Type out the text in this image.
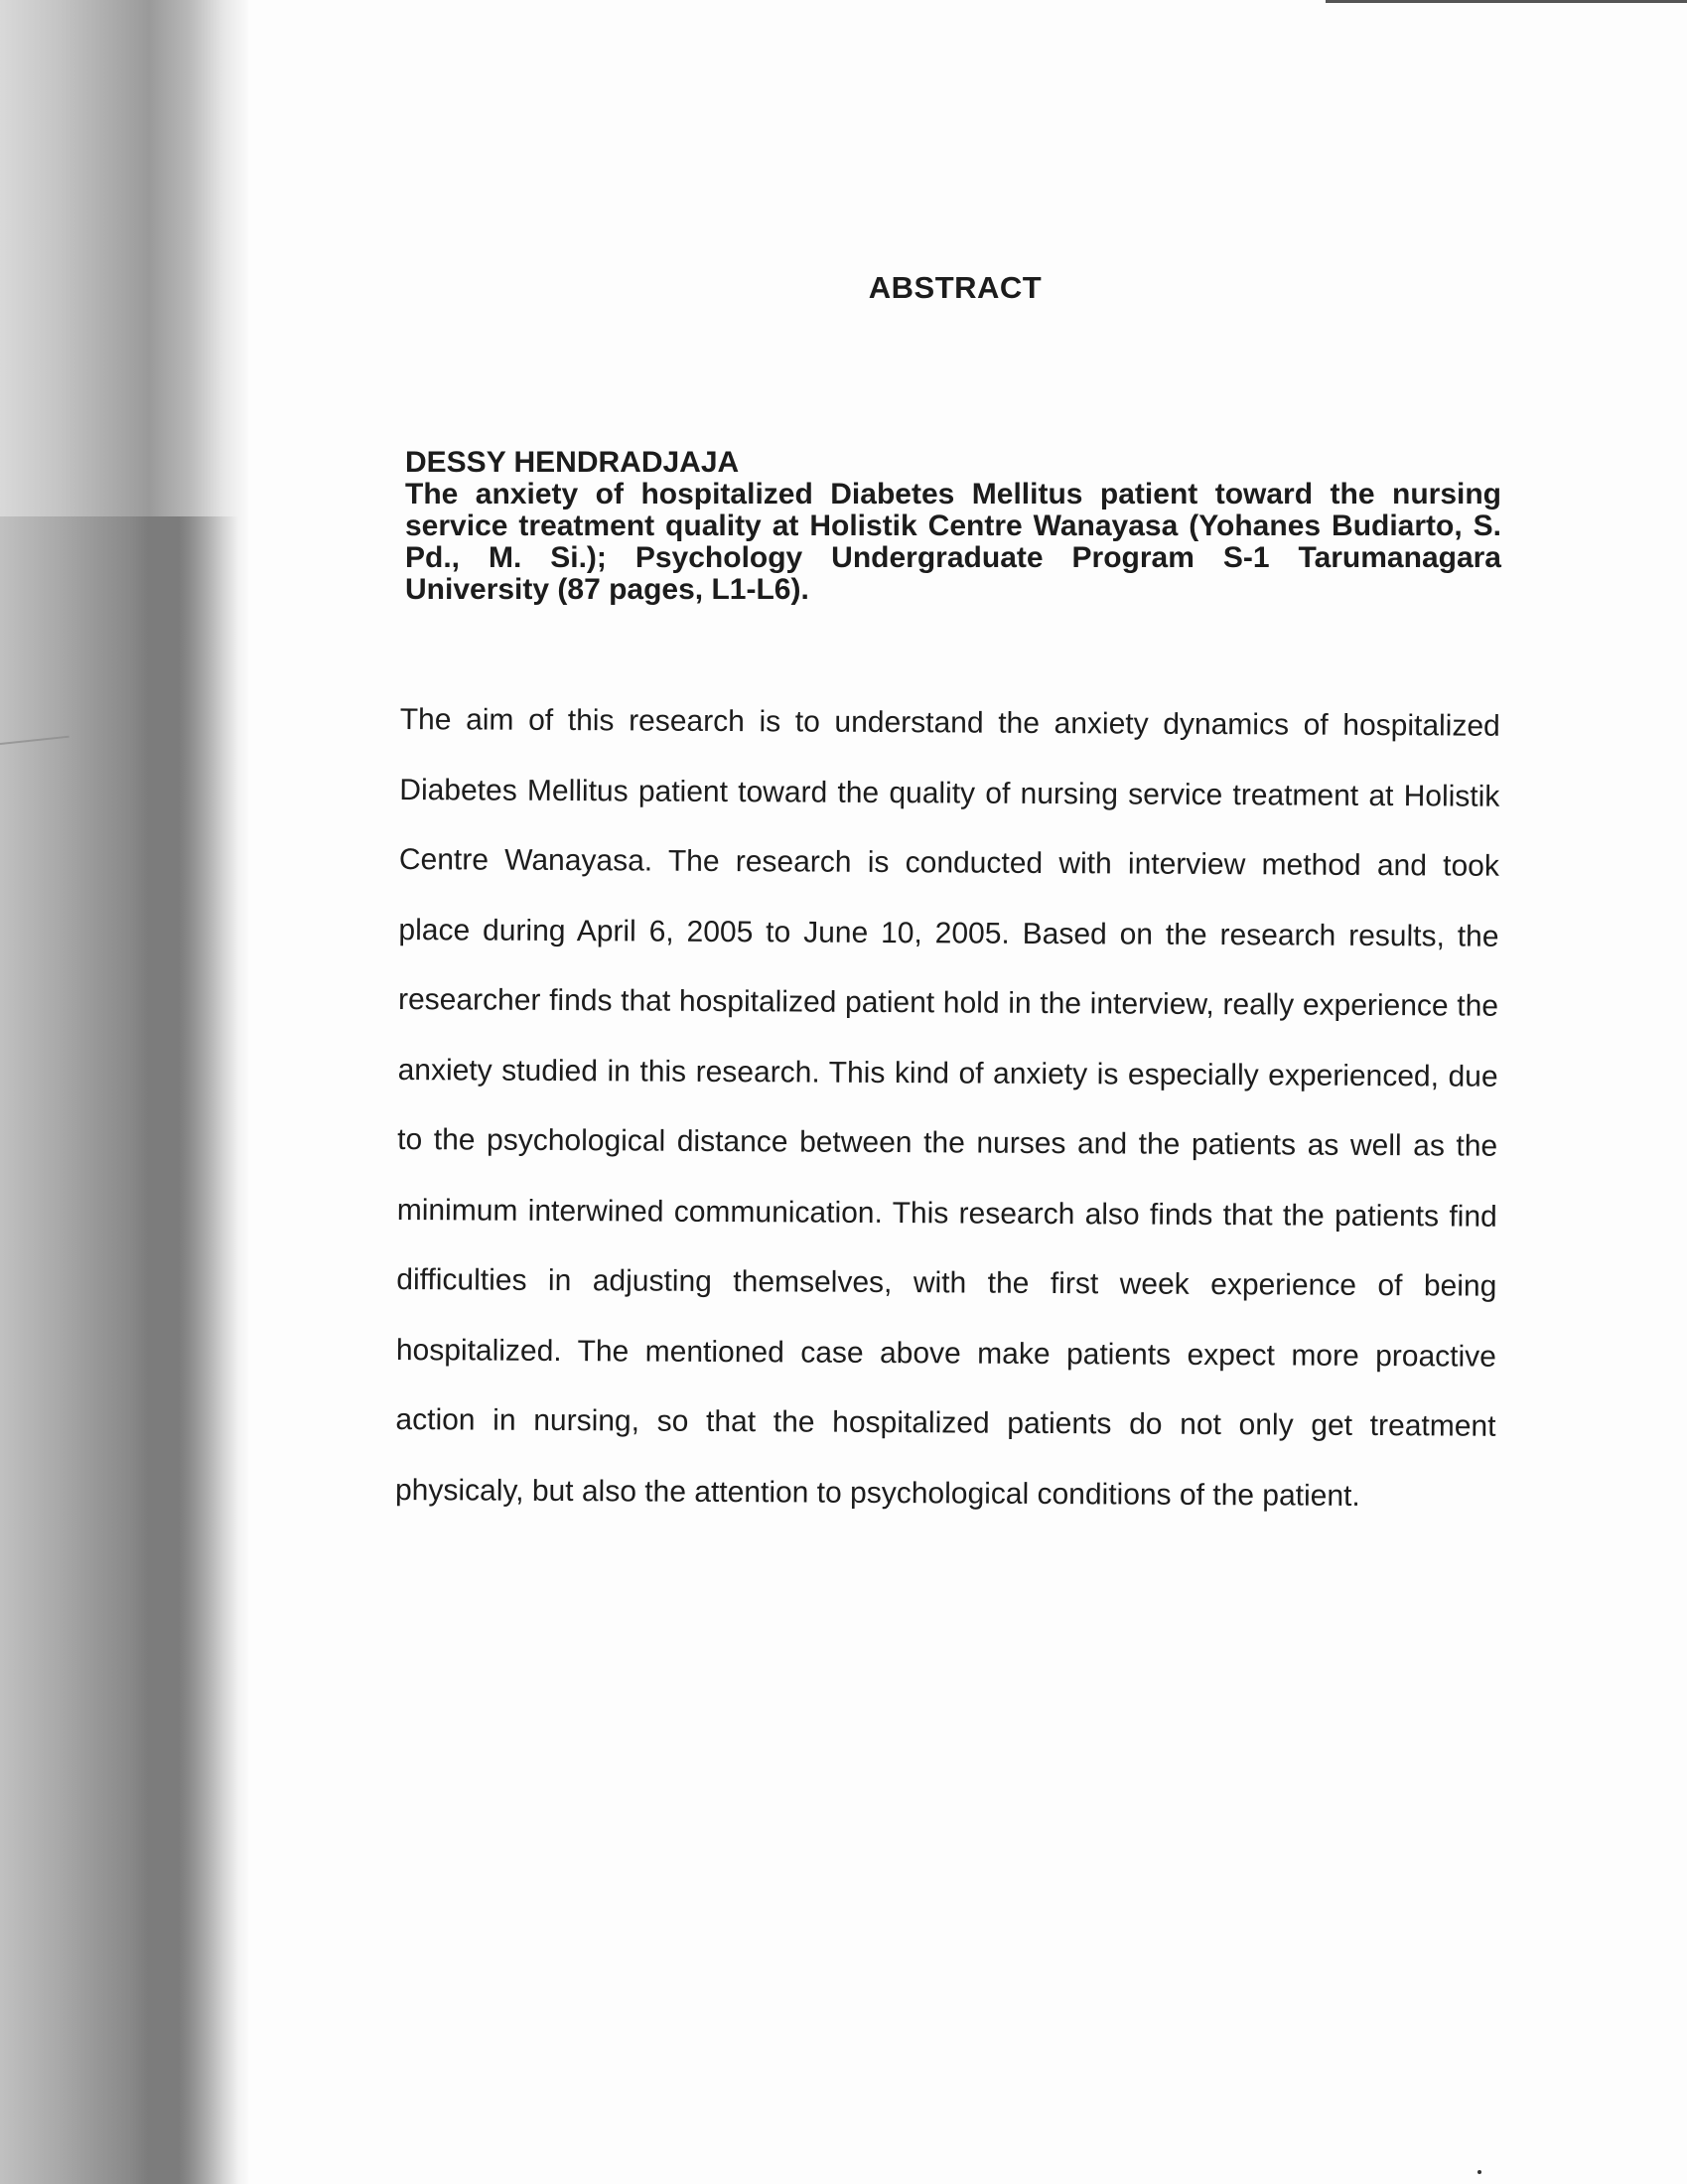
ABSTRACT
DESSY HENDRADJAJA
The anxiety of hospitalized Diabetes Mellitus patient toward the nursing service treatment quality at Holistik Centre Wanayasa (Yohanes Budiarto, S. Pd., M. Si.); Psychology Undergraduate Program S-1 Tarumanagara University (87 pages, L1-L6).
The aim of this research is to understand the anxiety dynamics of hospitalized Diabetes Mellitus patient toward the quality of nursing service treatment at Holistik Centre Wanayasa. The research is conducted with interview method and took place during April 6, 2005 to June 10, 2005. Based on the research results, the researcher finds that hospitalized patient hold in the interview, really experience the anxiety studied in this research. This kind of anxiety is especially experienced, due to the psychological distance between the nurses and the patients as well as the minimum interwined communication. This research also finds that the patients find difficulties in adjusting themselves, with the first week experience of being hospitalized. The mentioned case above make patients expect more proactive action in nursing, so that the hospitalized patients do not only get treatment physicaly, but also the attention to psychological conditions of the patient.
